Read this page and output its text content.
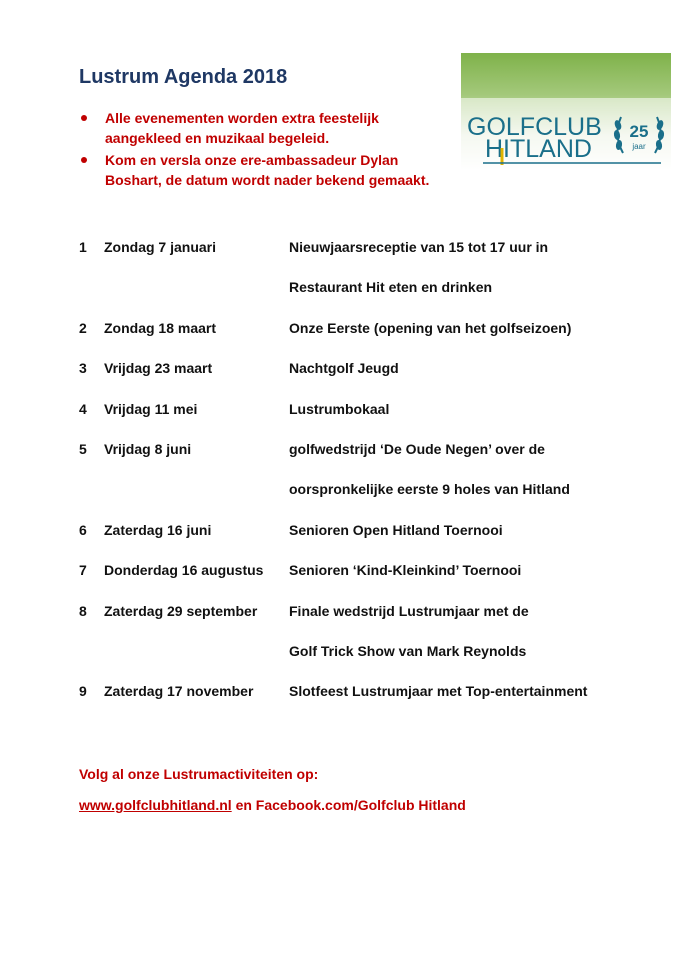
Lustrum Agenda 2018
Alle evenementen worden extra feestelijk aangekleed en muzikaal begeleid.
Kom en versla onze ere-ambassadeur Dylan Boshart, de datum wordt nader bekend gemaakt.
GOLFCLUB
HITLAND
25
jaar
1 Zondag 7 januari	Nieuwjaarsreceptie van 15 tot 17 uur in
Restaurant Hit eten en drinken
2 Zondag 18 maart	Onze Eerste (opening van het golfseizoen)
3 Vrijdag 23 maart	Nachtgolf Jeugd
4 Vrijdag 11 mei	Lustrumbokaal
5 Vrijdag 8 juni	golfwedstrijd ‘De Oude Negen’ over de
oorspronkelijke eerste 9 holes van Hitland
6 Zaterdag 16 juni	Senioren Open Hitland Toernooi
7 Donderdag 16 augustus Senioren ‘Kind-Kleinkind’ Toernooi
8 Zaterdag 29 september Finale wedstrijd Lustrumjaar met de
Golf Trick Show van Mark Reynolds
9 Zaterdag 17 november	Slotfeest Lustrumjaar met Top-entertainment
Volg al onze Lustrumactiviteiten op:
www.golfclubhitland.nl en Facebook.com/Golfclub Hitland
